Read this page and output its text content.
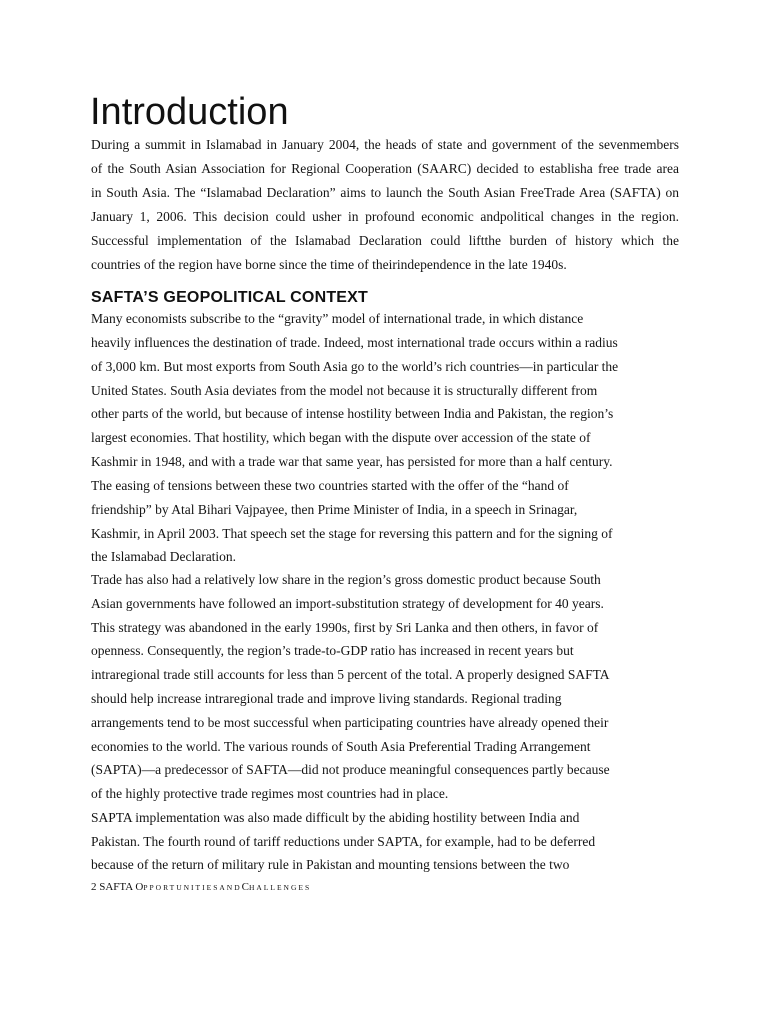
Introduction

During a summit in Islamabad in January 2004, the heads of state and government of the sevenmembers
of the South Asian Association for Regional Cooperation (SAARC) decided to establisha free trade area
in South Asia. The “Islamabad Declaration” aims to launch the South Asian FreeTrade Area (SAFTA) on
January 1, 2006. This decision could usher in profound economic andpolitical changes in the region.
Successful implementation of the Islamabad Declaration could liftthe burden of history which the
countries of the region have borne since the time of theirindependence in the late 1940s.

SAFTA’S GEOPOLITICAL CONTEXT

Many economists subscribe to the “gravity” model of international trade, in which distance
heavily influences the destination of trade. Indeed, most international trade occurs within a radius
of 3,000 km. But most exports from South Asia go to the world’s rich countries—in particular the
United States. South Asia deviates from the model not because it is structurally different from
other parts of the world, but because of intense hostility between India and Pakistan, the region’s
largest economies. That hostility, which began with the dispute over accession of the state of
Kashmir in 1948, and with a trade war that same year, has persisted for more than a half century.
The easing of tensions between these two countries started with the offer of the “hand of
friendship” by Atal Bihari Vajpayee, then Prime Minister of India, in a speech in Srinagar,
Kashmir, in April 2003. That speech set the stage for reversing this pattern and for the signing of
the Islamabad Declaration.

Trade has also had a relatively low share in the region’s gross domestic product because South
Asian governments have followed an import-substitution strategy of development for 40 years.
This strategy was abandoned in the early 1990s, first by Sri Lanka and then others, in favor of
openness. Consequently, the region’s trade-to-GDP ratio has increased in recent years but
intraregional trade still accounts for less than 5 percent of the total. A properly designed SAFTA
should help increase intraregional trade and improve living standards. Regional trading
arrangements tend to be most successful when participating countries have already opened their
economies to the world. The various rounds of South Asia Preferential Trading Arrangement
(SAPTA)—a predecessor of SAFTA—did not produce meaningful consequences partly because
of the highly protective trade regimes most countries had in place.

SAPTA implementation was also made difficult by the abiding hostility between India and
Pakistan. The fourth round of tariff reductions under SAPTA, for example, had to be deferred
because of the return of military rule in Pakistan and mounting tensions between the two

2 SAFTA OPPORTUNITIESANDCHALLENGES
